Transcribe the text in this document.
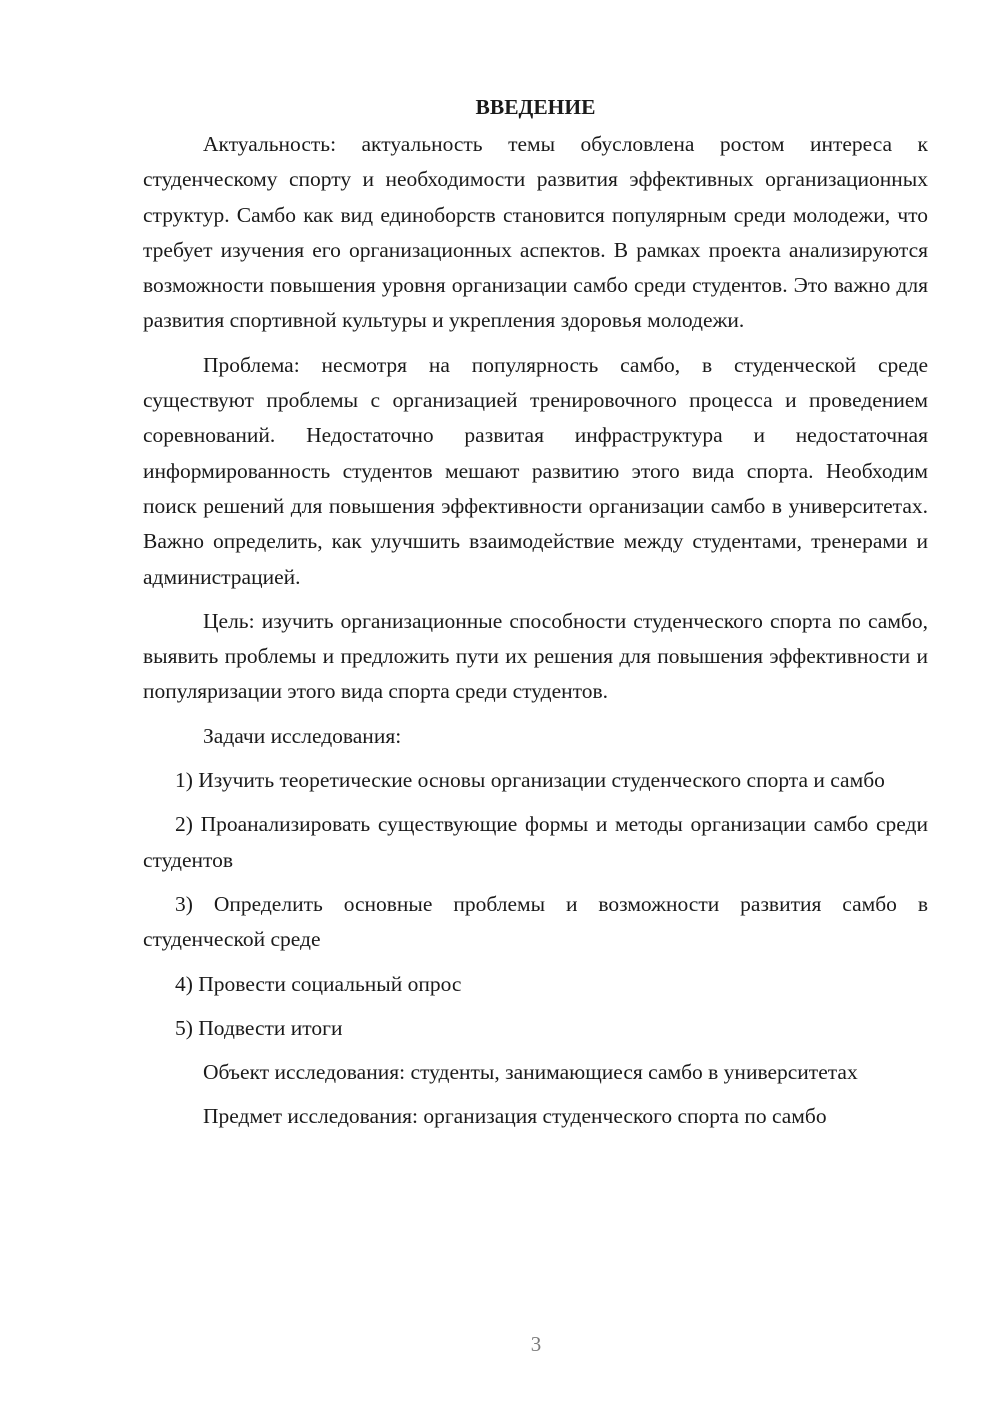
ВВЕДЕНИЕ

Актуальность: актуальность темы обусловлена ростом интереса к студенческому спорту и необходимости развития эффективных организационных структур. Самбо как вид единоборств становится популярным среди молодежи, что требует изучения его организационных аспектов. В рамках проекта анализируются возможности повышения уровня организации самбо среди студентов. Это важно для развития спортивной культуры и укрепления здоровья молодежи.

Проблема: несмотря на популярность самбо, в студенческой среде существуют проблемы с организацией тренировочного процесса и проведением соревнований. Недостаточно развитая инфраструктура и недостаточная информированность студентов мешают развитию этого вида спорта. Необходим поиск решений для повышения эффективности организации самбо в университетах. Важно определить, как улучшить взаимодействие между студентами, тренерами и администрацией.

Цель: изучить организационные способности студенческого спорта по самбо, выявить проблемы и предложить пути их решения для повышения эффективности и популяризации этого вида спорта среди студентов.

Задачи исследования:

1) Изучить теоретические основы организации студенческого спорта и самбо

2) Проанализировать существующие формы и методы организации самбо среди студентов

3) Определить основные проблемы и возможности развития самбо в студенческой среде

4) Провести социальный опрос

5) Подвести итоги

Объект исследования: студенты, занимающиеся самбо в университетах

Предмет исследования: организация студенческого спорта по самбо

3
